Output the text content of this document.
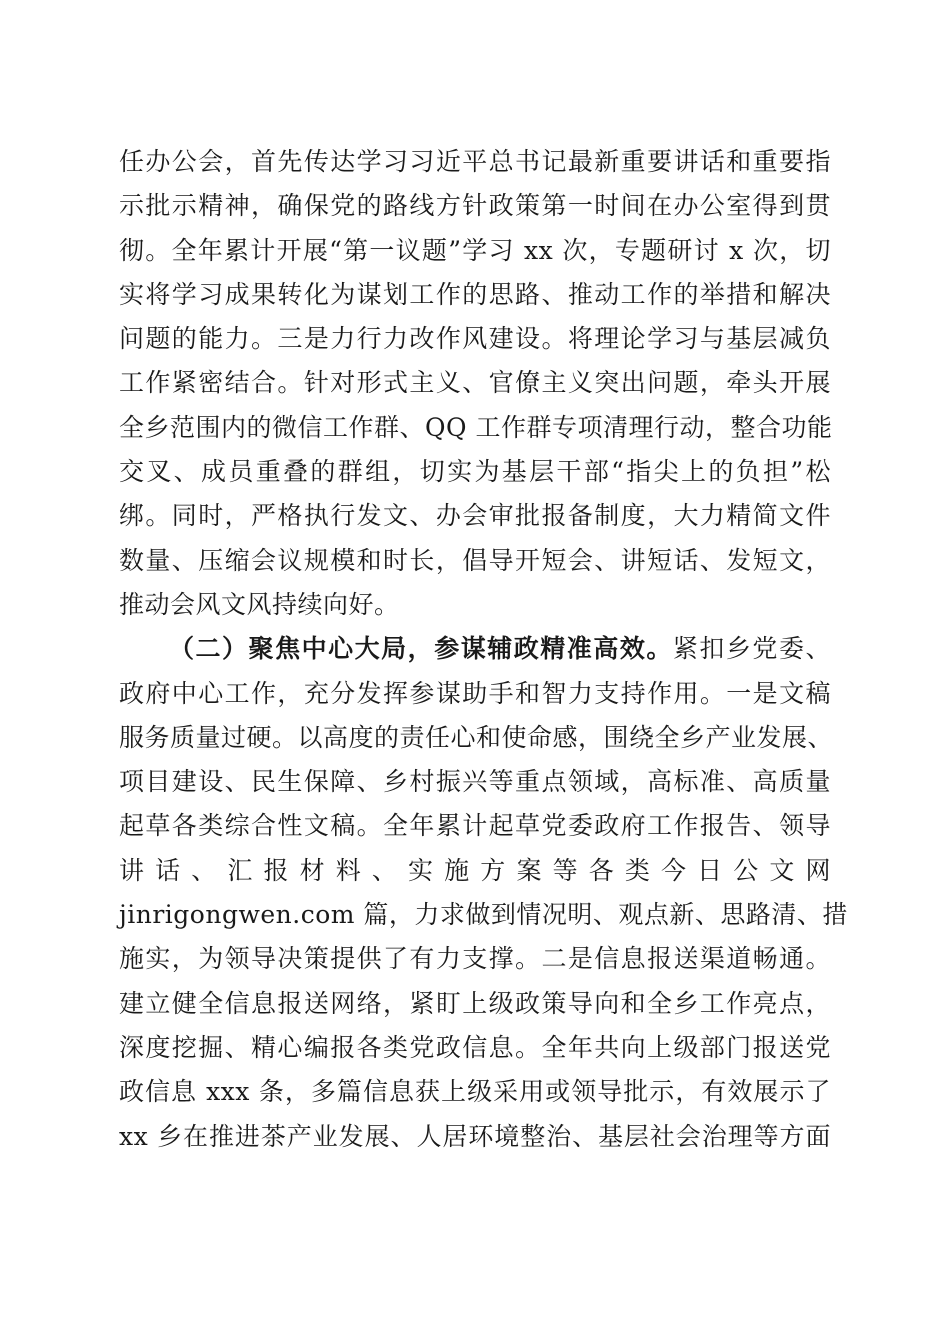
任办公会，首先传达学习习近平总书记最新重要讲话和重要指
示批示精神，确保党的路线方针政策第一时间在办公室得到贯
彻。全年累计开展“第一议题”学习 xx 次，专题研讨 x 次，切
实将学习成果转化为谋划工作的思路、推动工作的举措和解决
问题的能力。三是力行力改作风建设。将理论学习与基层减负
工作紧密结合。针对形式主义、官僚主义突出问题，牵头开展
全乡范围内的微信工作群、QQ 工作群专项清理行动，整合功能
交叉、成员重叠的群组，切实为基层干部“指尖上的负担”松
绑。同时，严格执行发文、办会审批报备制度，大力精简文件
数量、压缩会议规模和时长，倡导开短会、讲短话、发短文，
推动会风文风持续向好。
（二）聚焦中心大局，参谋辅政精准高效。紧扣乡党委、
政府中心工作，充分发挥参谋助手和智力支持作用。一是文稿
服务质量过硬。以高度的责任心和使命感，围绕全乡产业发展、
项目建设、民生保障、乡村振兴等重点领域，高标准、高质量
起草各类综合性文稿。全年累计起草党委政府工作报告、领导
讲 话 、 汇 报 材 料 、 实 施 方 案 等 各 类 今 日 公 文 网
jinrigongwen.com 篇，力求做到情况明、观点新、思路清、措
施实，为领导决策提供了有力支撑。二是信息报送渠道畅通。
建立健全信息报送网络，紧盯上级政策导向和全乡工作亮点，
深度挖掘、精心编报各类党政信息。全年共向上级部门报送党
政信息 xxx 条，多篇信息获上级采用或领导批示，有效展示了
xx 乡在推进茶产业发展、人居环境整治、基层社会治理等方面
